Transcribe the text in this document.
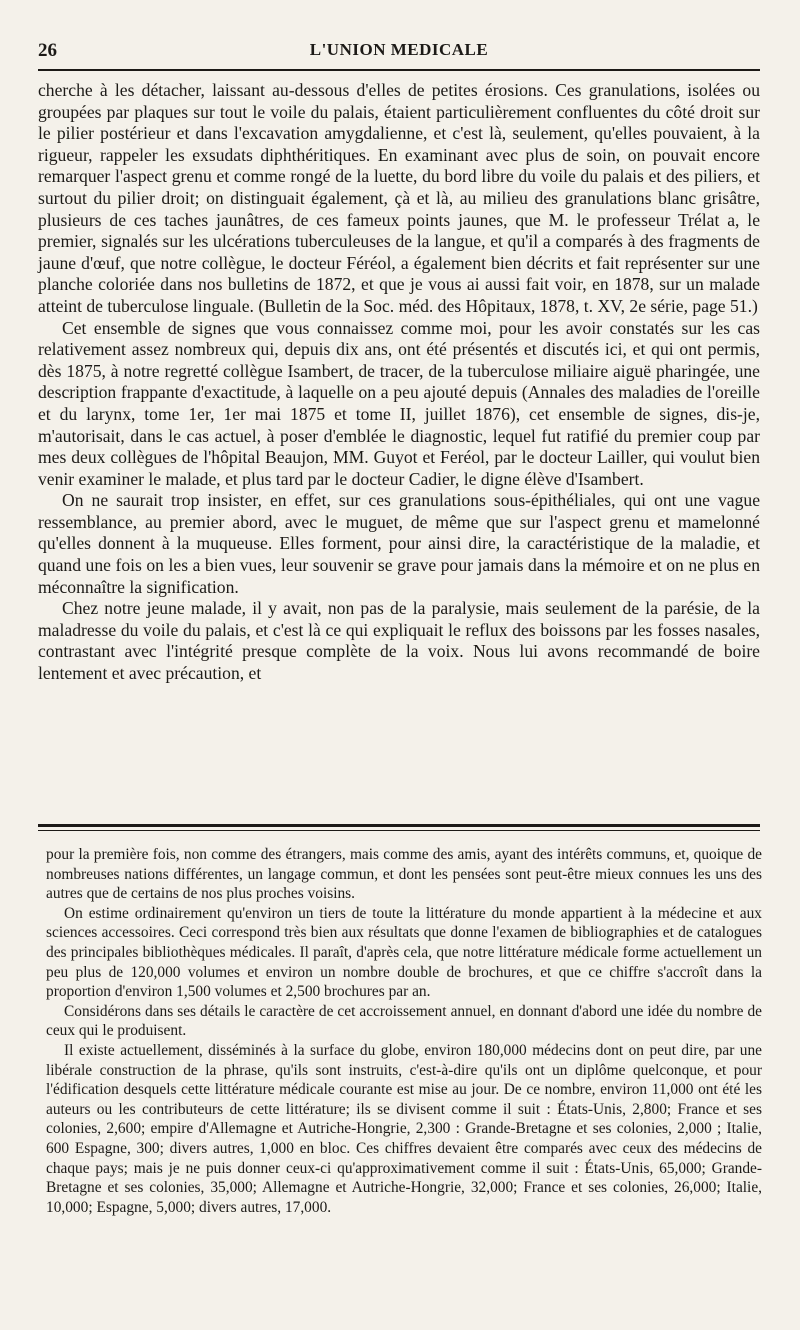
26	L'UNION MEDICALE

cherche à les détacher, laissant au-dessous d'elles de petites érosions. Ces granulations, isolées ou groupées par plaques sur tout le voile du palais, étaient particulièrement confluentes du côté droit sur le pilier postérieur et dans l'excavation amygdalienne, et c'est là, seulement, qu'elles pouvaient, à la rigueur, rappeler les exsudats diphthéritiques. En examinant avec plus de soin, on pouvait encore remarquer l'aspect grenu et comme rongé de la luette, du bord libre du voile du palais et des piliers, et surtout du pilier droit; on distinguait également, çà et là, au milieu des granulations blanc grisâtre, plusieurs de ces taches jaunâtres, de ces fameux points jaunes, que M. le professeur Trélat a, le premier, signalés sur les ulcérations tuberculeuses de la langue, et qu'il a comparés à des fragments de jaune d'œuf, que notre collègue, le docteur Féréol, a également bien décrits et fait représenter sur une planche coloriée dans nos bulletins de 1872, et que je vous ai aussi fait voir, en 1878, sur un malade atteint de tuberculose linguale. (Bulletin de la Soc. méd. des Hôpitaux, 1878, t. XV, 2e série, page 51.)

Cet ensemble de signes que vous connaissez comme moi, pour les avoir constatés sur les cas relativement assez nombreux qui, depuis dix ans, ont été présentés et discutés ici, et qui ont permis, dès 1875, à notre regretté collègue Isambert, de tracer, de la tuberculose miliaire aiguë pharingée, une description frappante d'exactitude, à laquelle on a peu ajouté depuis (Annales des maladies de l'oreille et du larynx, tome 1er, 1er mai 1875 et tome II, juillet 1876), cet ensemble de signes, dis-je, m'autorisait, dans le cas actuel, à poser d'emblée le diagnostic, lequel fut ratifié du premier coup par mes deux collègues de l'hôpital Beaujon, MM. Guyot et Feréol, par le docteur Lailler, qui voulut bien venir examiner le malade, et plus tard par le docteur Cadier, le digne élève d'Isambert.

On ne saurait trop insister, en effet, sur ces granulations sous-épithéliales, qui ont une vague ressemblance, au premier abord, avec le muguet, de même que sur l'aspect grenu et mamelonné qu'elles donnent à la muqueuse. Elles forment, pour ainsi dire, la caractéristique de la maladie, et quand une fois on les a bien vues, leur souvenir se grave pour jamais dans la mémoire et on ne plus en méconnaître la signification.

Chez notre jeune malade, il y avait, non pas de la paralysie, mais seulement de la parésie, de la maladresse du voile du palais, et c'est là ce qui expliquait le reflux des boissons par les fosses nasales, contrastant avec l'intégrité presque complète de la voix. Nous lui avons recommandé de boire lentement et avec précaution, et

pour la première fois, non comme des étrangers, mais comme des amis, ayant des intérêts communs, et, quoique de nombreuses nations différentes, un langage commun, et dont les pensées sont peut-être mieux connues les uns des autres que de certains de nos plus proches voisins.

On estime ordinairement qu'environ un tiers de toute la littérature du monde appartient à la médecine et aux sciences accessoires. Ceci correspond très bien aux résultats que donne l'examen de bibliographies et de catalogues des principales bibliothèques médicales. Il paraît, d'après cela, que notre littérature médicale forme actuellement un peu plus de 120,000 volumes et environ un nombre double de brochures, et que ce chiffre s'accroît dans la proportion d'environ 1,500 volumes et 2,500 brochures par an.

Considérons dans ses détails le caractère de cet accroissement annuel, en donnant d'abord une idée du nombre de ceux qui le produisent.

Il existe actuellement, disséminés à la surface du globe, environ 180,000 médecins dont on peut dire, par une libérale construction de la phrase, qu'ils sont instruits, c'est-à-dire qu'ils ont un diplôme quelconque, et pour l'édification desquels cette littérature médicale courante est mise au jour. De ce nombre, environ 11,000 ont été les auteurs ou les contributeurs de cette littérature; ils se divisent comme il suit : États-Unis, 2,800; France et ses colonies, 2,600; empire d'Allemagne et Autriche-Hongrie, 2,300 : Grande-Bretagne et ses colonies, 2,000 ; Italie, 600 Espagne, 300; divers autres, 1,000 en bloc. Ces chiffres devaient être comparés avec ceux des médecins de chaque pays; mais je ne puis donner ceux-ci qu'approximativement comme il suit : États-Unis, 65,000; Grande-Bretagne et ses colonies, 35,000; Allemagne et Autriche-Hongrie, 32,000; France et ses colonies, 26,000; Italie, 10,000; Espagne, 5,000; divers autres, 17,000.
